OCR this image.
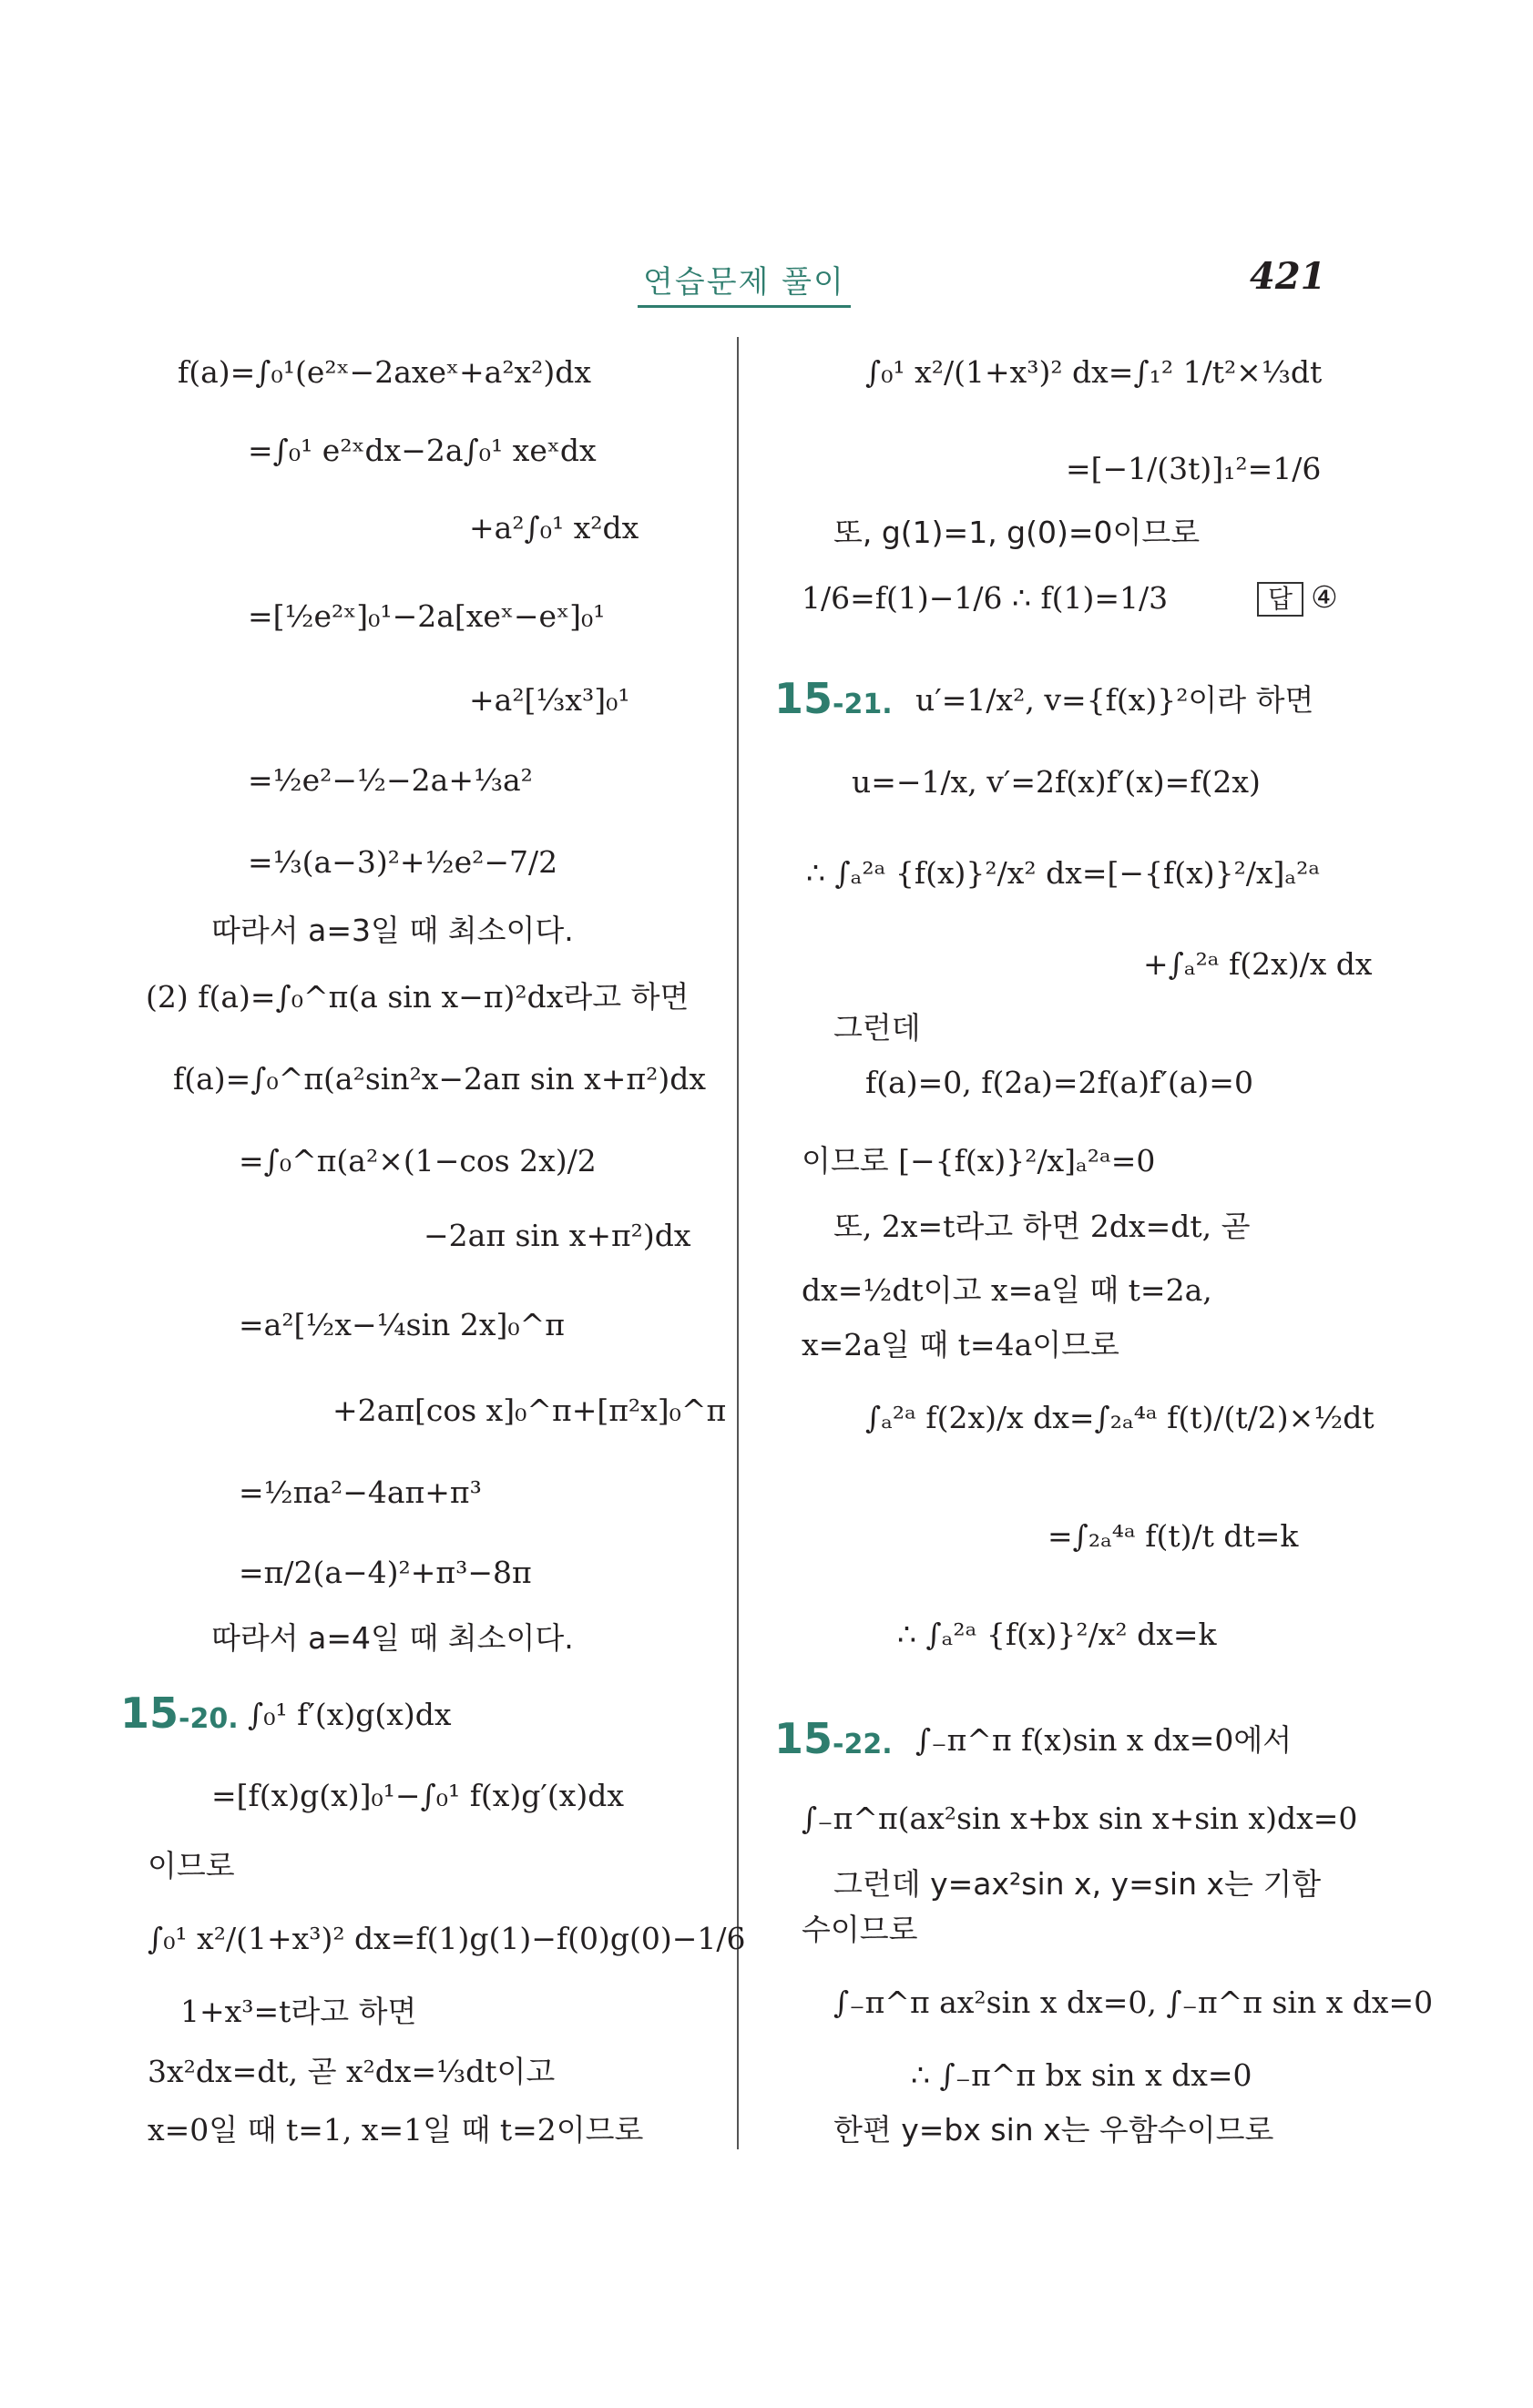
연습문제 풀이	421
f(a)=∫₀¹(e²ˣ−2axeˣ+a²x²)dx
=∫₀¹ e²ˣdx−2a∫₀¹ xeˣdx
+a²∫₀¹ x²dx
=[½e²ˣ]₀¹−2a[xeˣ−eˣ]₀¹
+a²[⅓x³]₀¹
=½e²−½−2a+⅓a²
=⅓(a−3)²+½e²−7/2
따라서 a=3일 때 최소이다.
(2) f(a)=∫₀^π(a sin x−π)²dx라고 하면
f(a)=∫₀^π(a²sin²x−2aπ sin x+π²)dx
=∫₀^π(a²×(1−cos 2x)/2
−2aπ sin x+π²)dx
=a²[½x−¼sin 2x]₀^π
+2aπ[cos x]₀^π+[π²x]₀^π
=½πa²−4aπ+π³
=π/2(a−4)²+π³−8π
따라서 a=4일 때 최소이다.
15-20. ∫₀¹ f′(x)g(x)dx
=[f(x)g(x)]₀¹−∫₀¹ f(x)g′(x)dx
이므로
∫₀¹ x²/(1+x³)² dx=f(1)g(1)−f(0)g(0)−1/6
1+x³=t라고 하면
3x²dx=dt, 곧 x²dx=⅓dt이고
x=0일 때 t=1, x=1일 때 t=2이므로
∫₀¹ x²/(1+x³)² dx=∫₁² 1/t²×⅓dt
=[−1/(3t)]₁²=1/6
또, g(1)=1, g(0)=0이므로
1/6=f(1)−1/6 ∴ f(1)=1/3	답 ④
15-21. u′=1/x², v={f(x)}²이라 하면
u=−1/x, v′=2f(x)f′(x)=f(2x)
∴ ∫ₐ²ᵃ {f(x)}²/x² dx=[−{f(x)}²/x]ₐ²ᵃ
+∫ₐ²ᵃ f(2x)/x dx
그런데
f(a)=0, f(2a)=2f(a)f′(a)=0
이므로 [−{f(x)}²/x]ₐ²ᵃ=0
또, 2x=t라고 하면 2dx=dt, 곧
dx=½dt이고 x=a일 때 t=2a,
x=2a일 때 t=4a이므로
∫ₐ²ᵃ f(2x)/x dx=∫₂ₐ⁴ᵃ f(t)/(t/2)×½dt
=∫₂ₐ⁴ᵃ f(t)/t dt=k
∴ ∫ₐ²ᵃ {f(x)}²/x² dx=k
15-22. ∫₋π^π f(x)sin x dx=0에서
∫₋π^π(ax²sin x+bx sin x+sin x)dx=0
그런데 y=ax²sin x, y=sin x는 기함
수이므로
∫₋π^π ax²sin x dx=0, ∫₋π^π sin x dx=0
∴ ∫₋π^π bx sin x dx=0
한편 y=bx sin x는 우함수이므로
